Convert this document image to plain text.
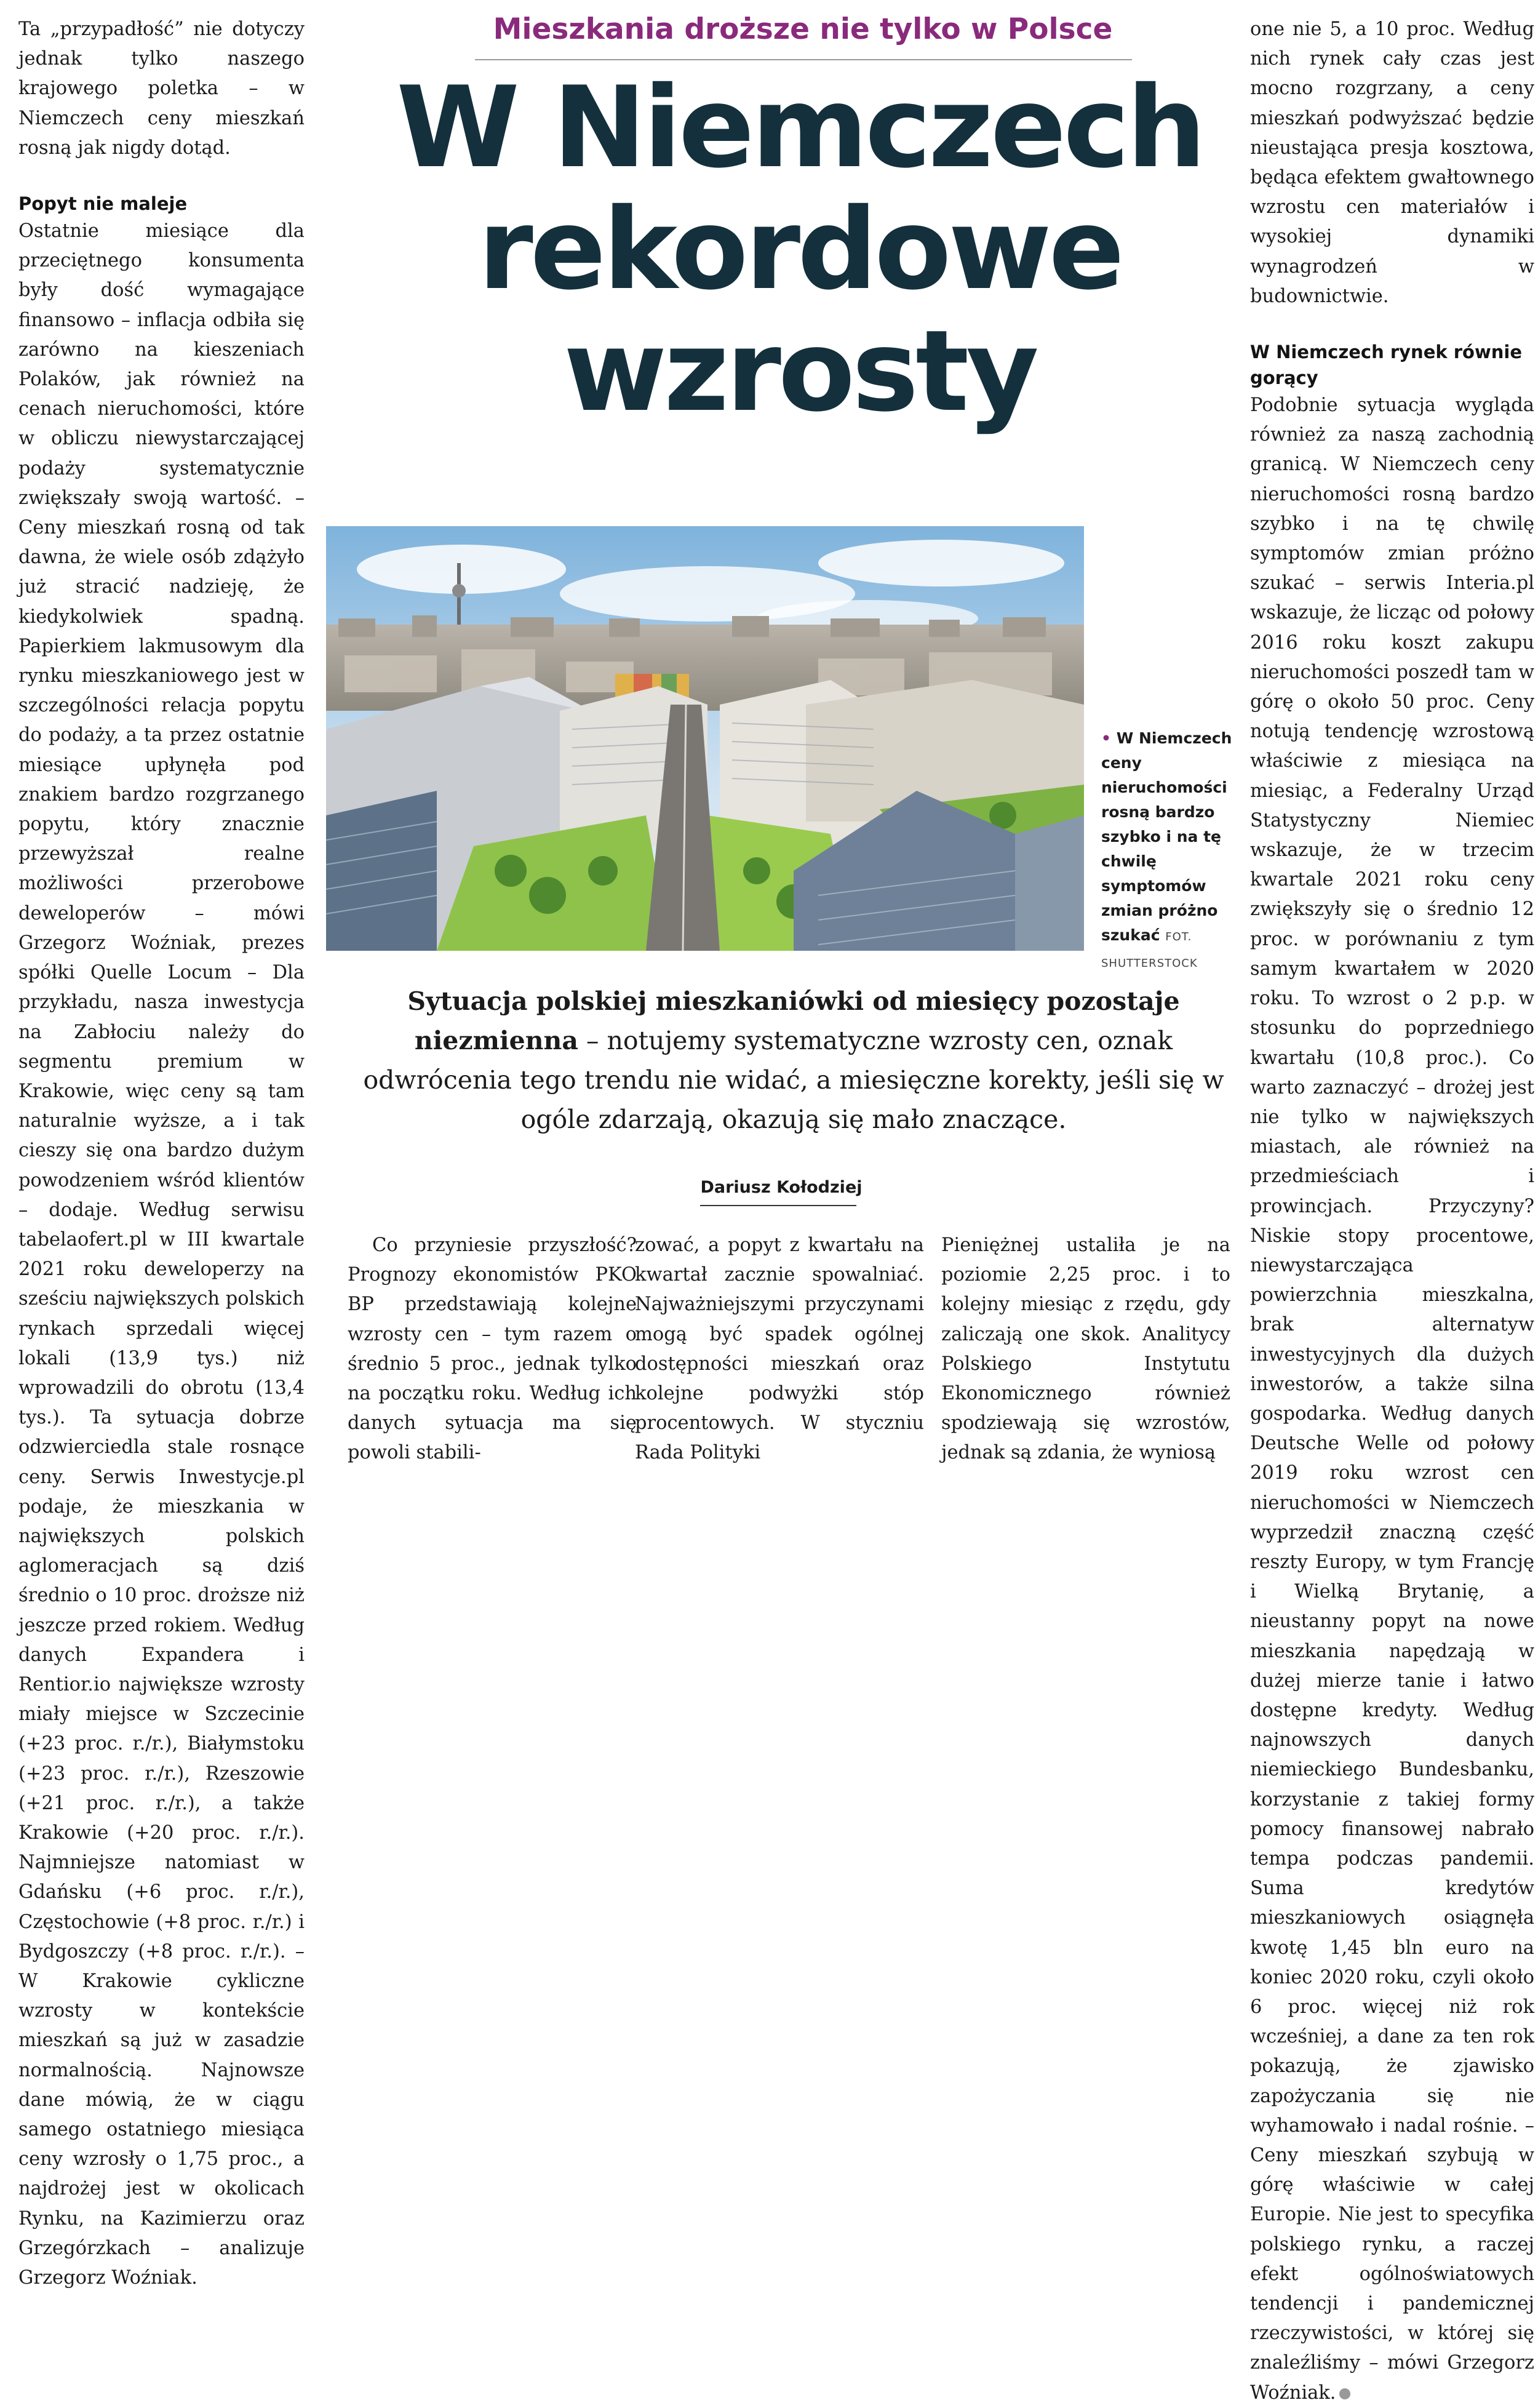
Ta „przypadłość” nie dotyczy jednak tylko naszego krajowego poletka – w Niemczech ceny mieszkań rosną jak nigdy dotąd.

Popyt nie maleje

Ostatnie miesiące dla przeciętnego konsumenta były dość wymagające finansowo – inflacja odbiła się zarówno na kieszeniach Polaków, jak również na cenach nieruchomości, które w obliczu niewystarczającej podaży systematycznie zwiększały swoją wartość. – Ceny mieszkań rosną od tak dawna, że wiele osób zdążyło już stracić nadzieję, że kiedykolwiek spadną. Papierkiem lakmusowym dla rynku mieszkaniowego jest w szczególności relacja popytu do podaży, a ta przez ostatnie miesiące upłynęła pod znakiem bardzo rozgrzanego popytu, który znacznie przewyższał realne możliwości przerobowe deweloperów – mówi Grzegorz Woźniak, prezes spółki Quelle Locum – Dla przykładu, nasza inwestycja na Zabłociu należy do segmentu premium w Krakowie, więc ceny są tam naturalnie wyższe, a i tak cieszy się ona bardzo dużym powodzeniem wśród klientów – dodaje. Według serwisu tabelaofert.pl w III kwartale 2021 roku deweloperzy na sześciu największych polskich rynkach sprzedali więcej lokali (13,9 tys.) niż wprowadzili do obrotu (13,4 tys.). Ta sytuacja dobrze odzwierciedla stale rosnące ceny. Serwis Inwestycje.pl podaje, że mieszkania w największych polskich aglomeracjach są dziś średnio o 10 proc. droższe niż jeszcze przed rokiem. Według danych Expandera i Rentior.io największe wzrosty miały miejsce w Szczecinie (+23 proc. r./r.), Białymstoku (+23 proc. r./r.), Rzeszowie (+21 proc. r./r.), a także Krakowie (+20 proc. r./r.). Najmniejsze natomiast w Gdańsku (+6 proc. r./r.), Częstochowie (+8 proc. r./r.) i Bydgoszczy (+8 proc. r./r.). – W Krakowie cykliczne wzrosty w kontekście mieszkań są już w zasadzie normalnością. Najnowsze dane mówią, że w ciągu samego ostatniego miesiąca ceny wzrosły o 1,75 proc., a najdrożej jest w okolicach Rynku, na Kazimierzu oraz Grzegórzkach – analizuje Grzegorz Woźniak.

Mieszkania droższe nie tylko w Polsce
W Niemczech
rekordowe
wzrosty
• W Niemczech ceny nieruchomości rosną bardzo szybko i na tę chwilę symptomów zmian próżno szukać FOT. SHUTTERSTOCK
Sytuacja polskiej mieszkaniówki od miesięcy pozostaje niezmienna – notujemy systematyczne wzrosty cen, oznak odwrócenia tego trendu nie widać, a miesięczne korekty, jeśli się w ogóle zdarzają, okazują się mało znaczące.
Dariusz Kołodziej
Co przyniesie przyszłość? Prognozy ekonomistów PKO BP przedstawiają kolejne wzrosty cen – tym razem o średnio 5 proc., jednak tylko na początku roku. Według ich danych sytuacja ma się powoli stabili-
zować, a popyt z kwartału na kwartał zacznie spowalniać. Najważniejszymi przyczynami mogą być spadek ogólnej dostępności mieszkań oraz kolejne podwyżki stóp procentowych. W styczniu Rada Polityki
Pieniężnej ustaliła je na poziomie 2,25 proc. i to kolejny miesiąc z rzędu, gdy zaliczają one skok. Analitycy Polskiego Instytutu Ekonomicznego również spodziewają się wzrostów, jednak są zdania, że wyniosą

one nie 5, a 10 proc. Według nich rynek cały czas jest mocno rozgrzany, a ceny mieszkań podwyższać będzie nieustająca presja kosztowa, będąca efektem gwałtownego wzrostu cen materiałów i wysokiej dynamiki wynagrodzeń w budownictwie.

W Niemczech rynek równie gorący

Podobnie sytuacja wygląda również za naszą zachodnią granicą. W Niemczech ceny nieruchomości rosną bardzo szybko i na tę chwilę symptomów zmian próżno szukać – serwis Interia.pl wskazuje, że licząc od połowy 2016 roku koszt zakupu nieruchomości poszedł tam w górę o około 50 proc. Ceny notują tendencję wzrostową właściwie z miesiąca na miesiąc, a Federalny Urząd Statystyczny Niemiec wskazuje, że w trzecim kwartale 2021 roku ceny zwiększyły się o średnio 12 proc. w porównaniu z tym samym kwartałem w 2020 roku. To wzrost o 2 p.p. w stosunku do poprzedniego kwartału (10,8 proc.). Co warto zaznaczyć – drożej jest nie tylko w największych miastach, ale również na przedmieściach i prowincjach. Przyczyny? Niskie stopy procentowe, niewystarczająca powierzchnia mieszkalna, brak alternatyw inwestycyjnych dla dużych inwestorów, a także silna gospodarka. Według danych Deutsche Welle od połowy 2019 roku wzrost cen nieruchomości w Niemczech wyprzedził znaczną część reszty Europy, w tym Francję i Wielką Brytanię, a nieustanny popyt na nowe mieszkania napędzają w dużej mierze tanie i łatwo dostępne kredyty. Według najnowszych danych niemieckiego Bundesbanku, korzystanie z takiej formy pomocy finansowej nabrało tempa podczas pandemii. Suma kredytów mieszkaniowych osiągnęła kwotę 1,45 bln euro na koniec 2020 roku, czyli około 6 proc. więcej niż rok wcześniej, a dane za ten rok pokazują, że zjawisko zapożyczania się nie wyhamowało i nadal rośnie. – Ceny mieszkań szybują w górę właściwie w całej Europie. Nie jest to specyfika polskiego rynku, a raczej efekt ogólnoświatowych tendencji i pandemicznej rzeczywistości, w której się znaleźliśmy – mówi Grzegorz Woźniak.
